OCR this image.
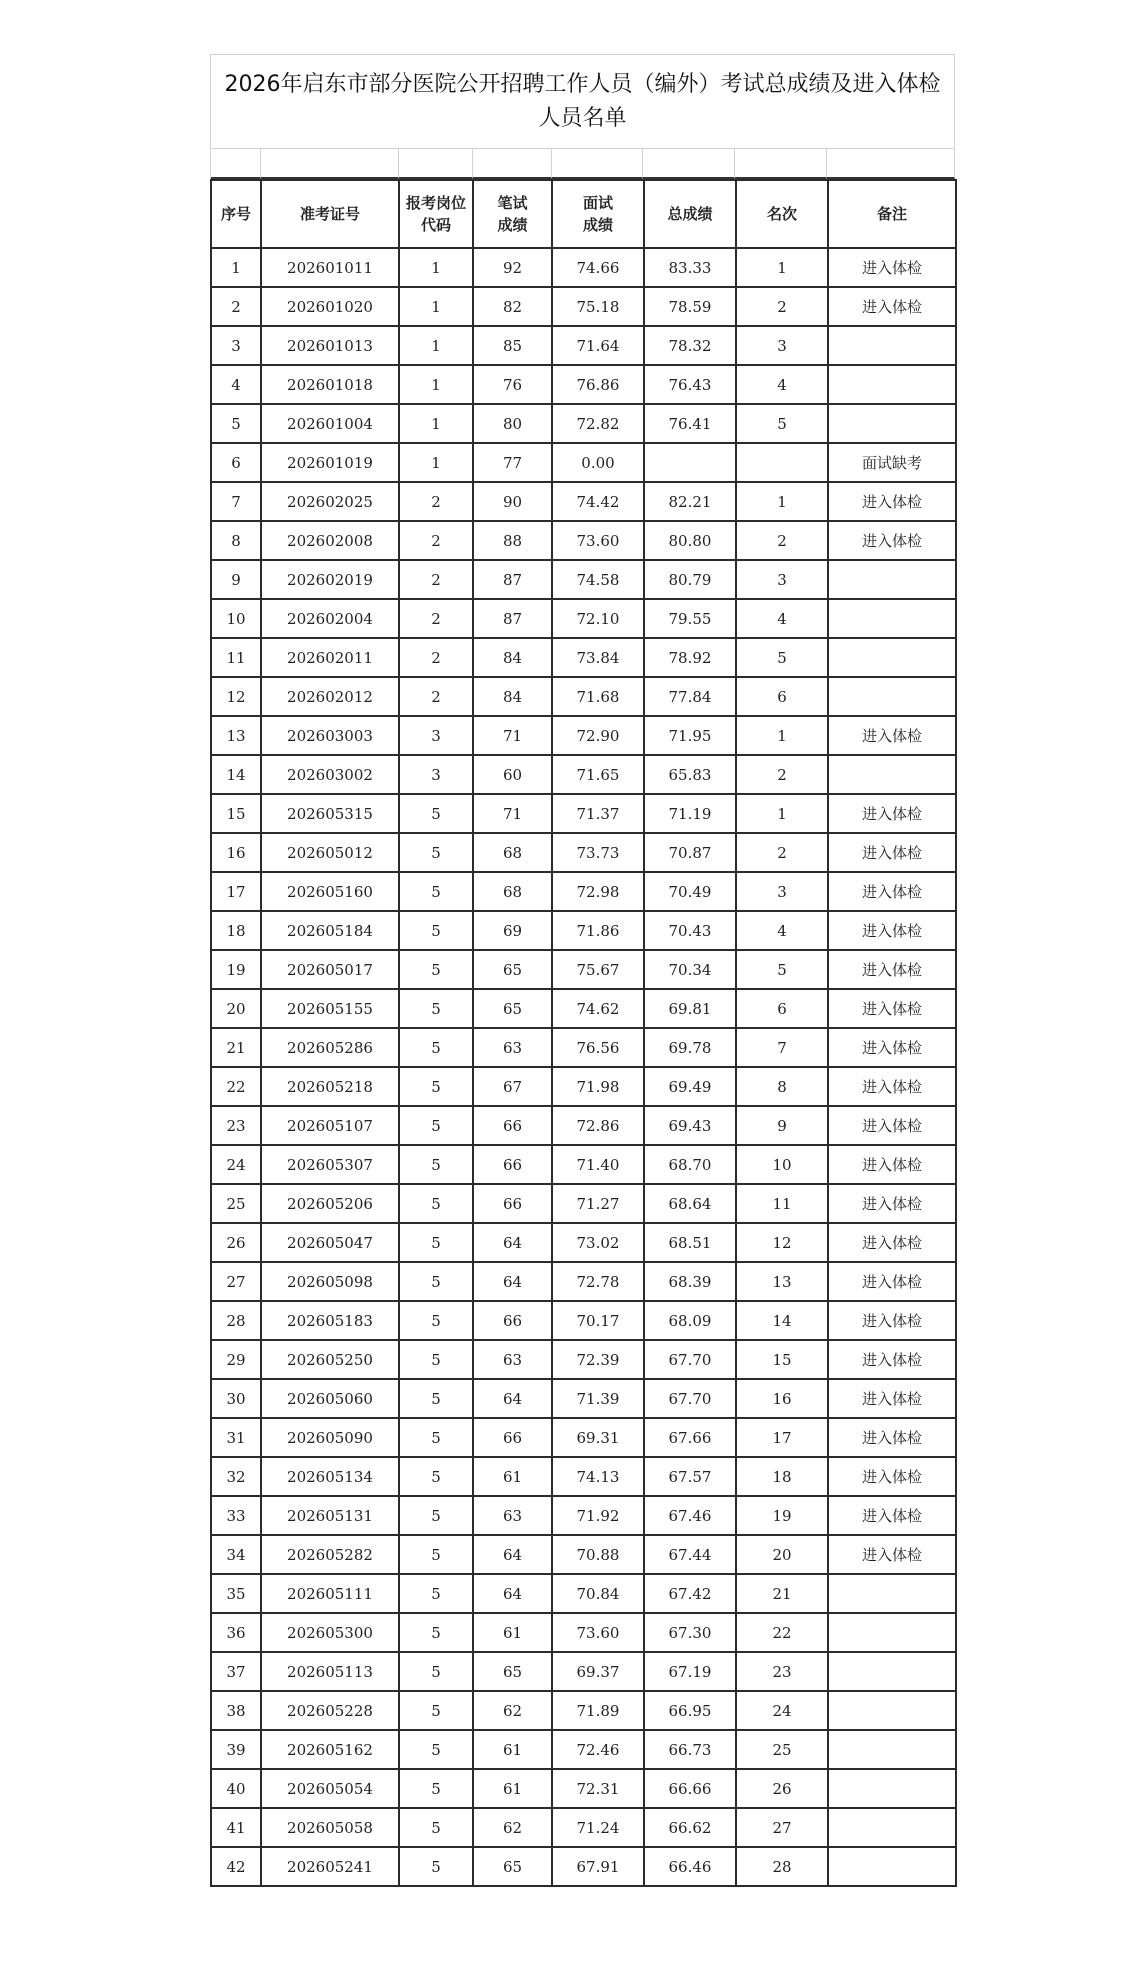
2026年启东市部分医院公开招聘工作人员（编外）考试总成绩及进入体检人员名单
序号	准考证号	报考岗位代码	笔试成绩	面试成绩	总成绩	名次	备注
1	202601011	1	92	74.66	83.33	1	进入体检
2	202601020	1	82	75.18	78.59	2	进入体检
3	202601013	1	85	71.64	78.32	3	
4	202601018	1	76	76.86	76.43	4	
5	202601004	1	80	72.82	76.41	5	
6	202601019	1	77	0.00			面试缺考
7	202602025	2	90	74.42	82.21	1	进入体检
8	202602008	2	88	73.60	80.80	2	进入体检
9	202602019	2	87	74.58	80.79	3	
10	202602004	2	87	72.10	79.55	4	
11	202602011	2	84	73.84	78.92	5	
12	202602012	2	84	71.68	77.84	6	
13	202603003	3	71	72.90	71.95	1	进入体检
14	202603002	3	60	71.65	65.83	2	
15	202605315	5	71	71.37	71.19	1	进入体检
16	202605012	5	68	73.73	70.87	2	进入体检
17	202605160	5	68	72.98	70.49	3	进入体检
18	202605184	5	69	71.86	70.43	4	进入体检
19	202605017	5	65	75.67	70.34	5	进入体检
20	202605155	5	65	74.62	69.81	6	进入体检
21	202605286	5	63	76.56	69.78	7	进入体检
22	202605218	5	67	71.98	69.49	8	进入体检
23	202605107	5	66	72.86	69.43	9	进入体检
24	202605307	5	66	71.40	68.70	10	进入体检
25	202605206	5	66	71.27	68.64	11	进入体检
26	202605047	5	64	73.02	68.51	12	进入体检
27	202605098	5	64	72.78	68.39	13	进入体检
28	202605183	5	66	70.17	68.09	14	进入体检
29	202605250	5	63	72.39	67.70	15	进入体检
30	202605060	5	64	71.39	67.70	16	进入体检
31	202605090	5	66	69.31	67.66	17	进入体检
32	202605134	5	61	74.13	67.57	18	进入体检
33	202605131	5	63	71.92	67.46	19	进入体检
34	202605282	5	64	70.88	67.44	20	进入体检
35	202605111	5	64	70.84	67.42	21	
36	202605300	5	61	73.60	67.30	22	
37	202605113	5	65	69.37	67.19	23	
38	202605228	5	62	71.89	66.95	24	
39	202605162	5	61	72.46	66.73	25	
40	202605054	5	61	72.31	66.66	26	
41	202605058	5	62	71.24	66.62	27	
42	202605241	5	65	67.91	66.46	28	
